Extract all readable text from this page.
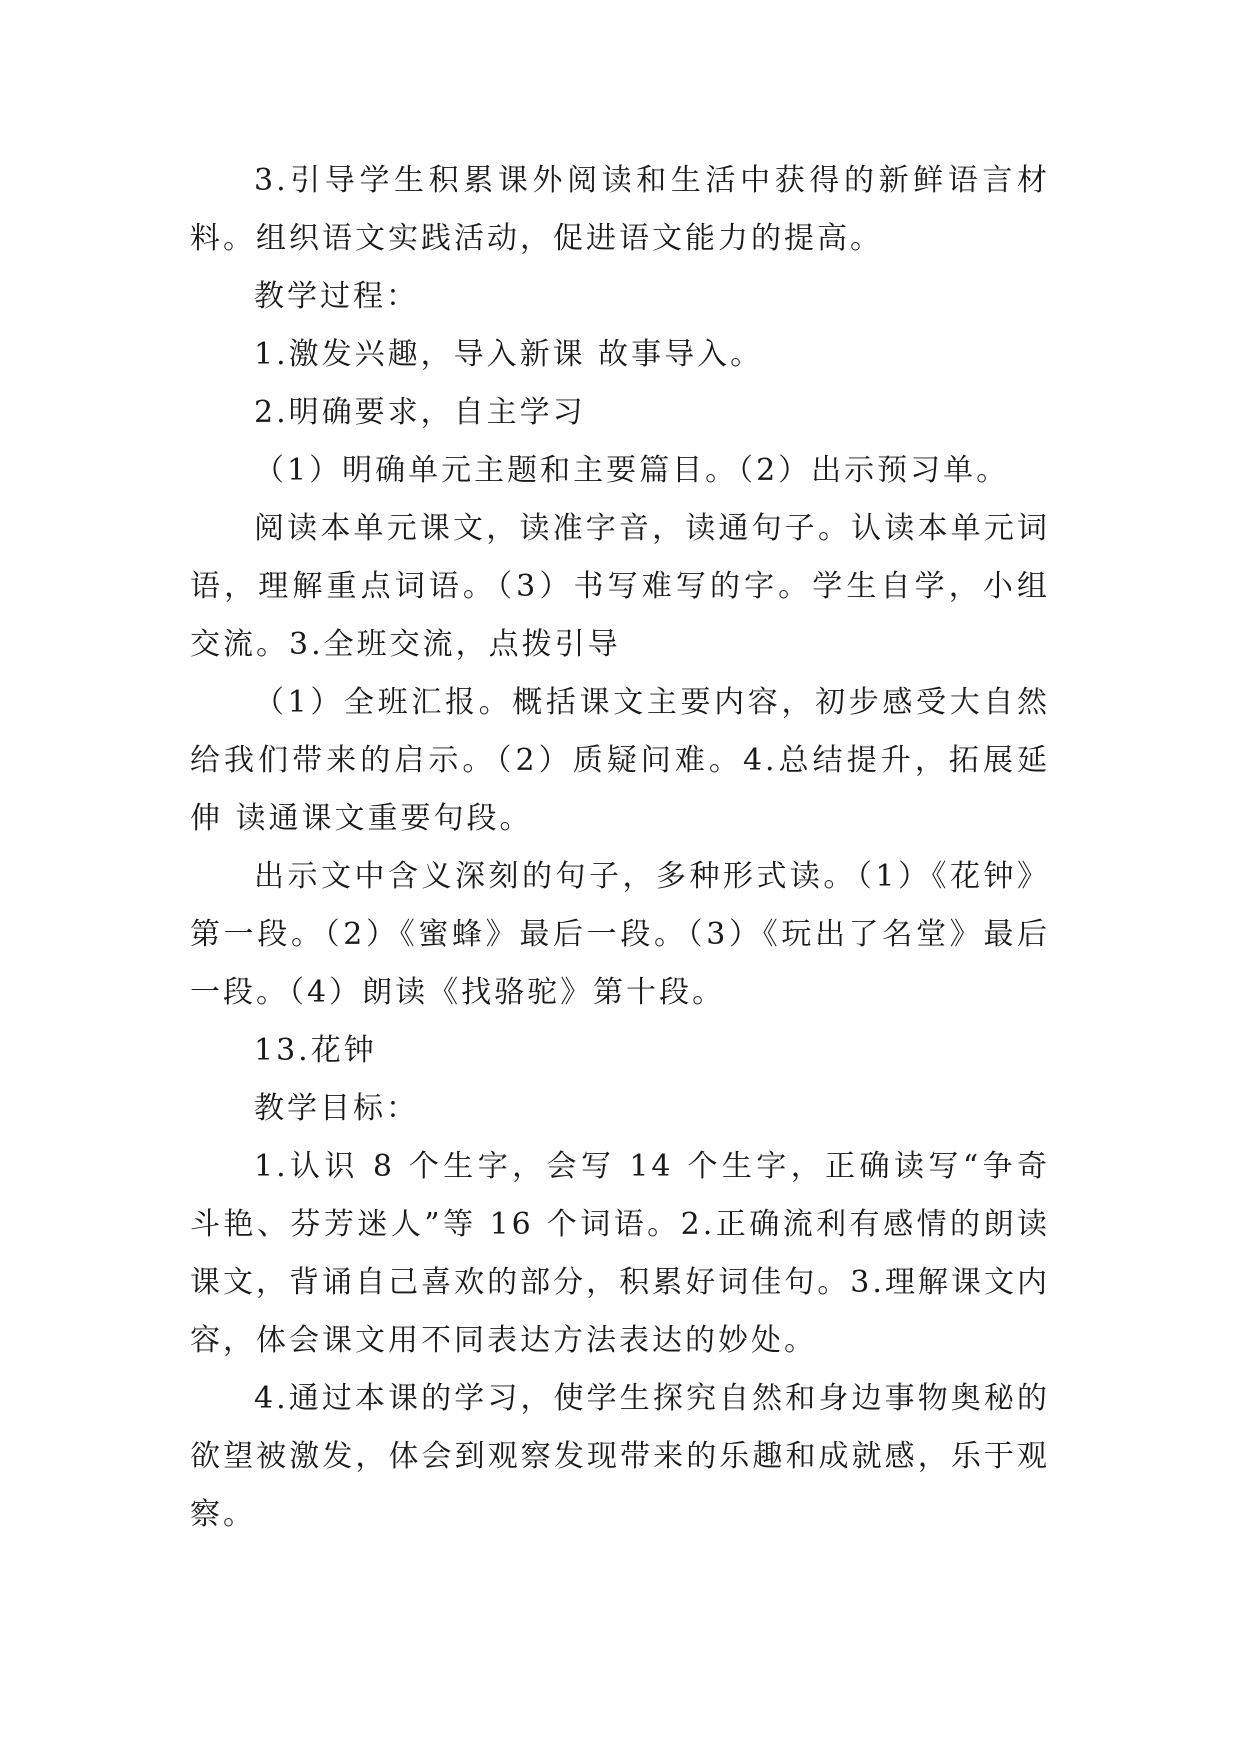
3.引导学生积累课外阅读和生活中获得的新鲜语言材料。组织语文实践活动，促进语文能力的提高。

教学过程：

1.激发兴趣，导入新课 故事导入。

2.明确要求，自主学习

（1）明确单元主题和主要篇目。（2）出示预习单。

阅读本单元课文，读准字音，读通句子。认读本单元词语，理解重点词语。（3）书写难写的字。学生自学，小组交流。3.全班交流，点拨引导

（1）全班汇报。概括课文主要内容，初步感受大自然给我们带来的启示。（2）质疑问难。4.总结提升，拓展延伸 读通课文重要句段。

出示文中含义深刻的句子，多种形式读。（1）《花钟》第一段。（2）《蜜蜂》最后一段。（3）《玩出了名堂》最后一段。（4）朗读《找骆驼》第十段。

13.花钟

教学目标：

1.认识 8 个生字，会写 14 个生字，正确读写“争奇斗艳、芬芳迷人”等 16 个词语。2.正确流利有感情的朗读课文，背诵自己喜欢的部分，积累好词佳句。3.理解课文内容，体会课文用不同表达方法表达的妙处。

4.通过本课的学习，使学生探究自然和身边事物奥秘的欲望被激发，体会到观察发现带来的乐趣和成就感，乐于观察。
